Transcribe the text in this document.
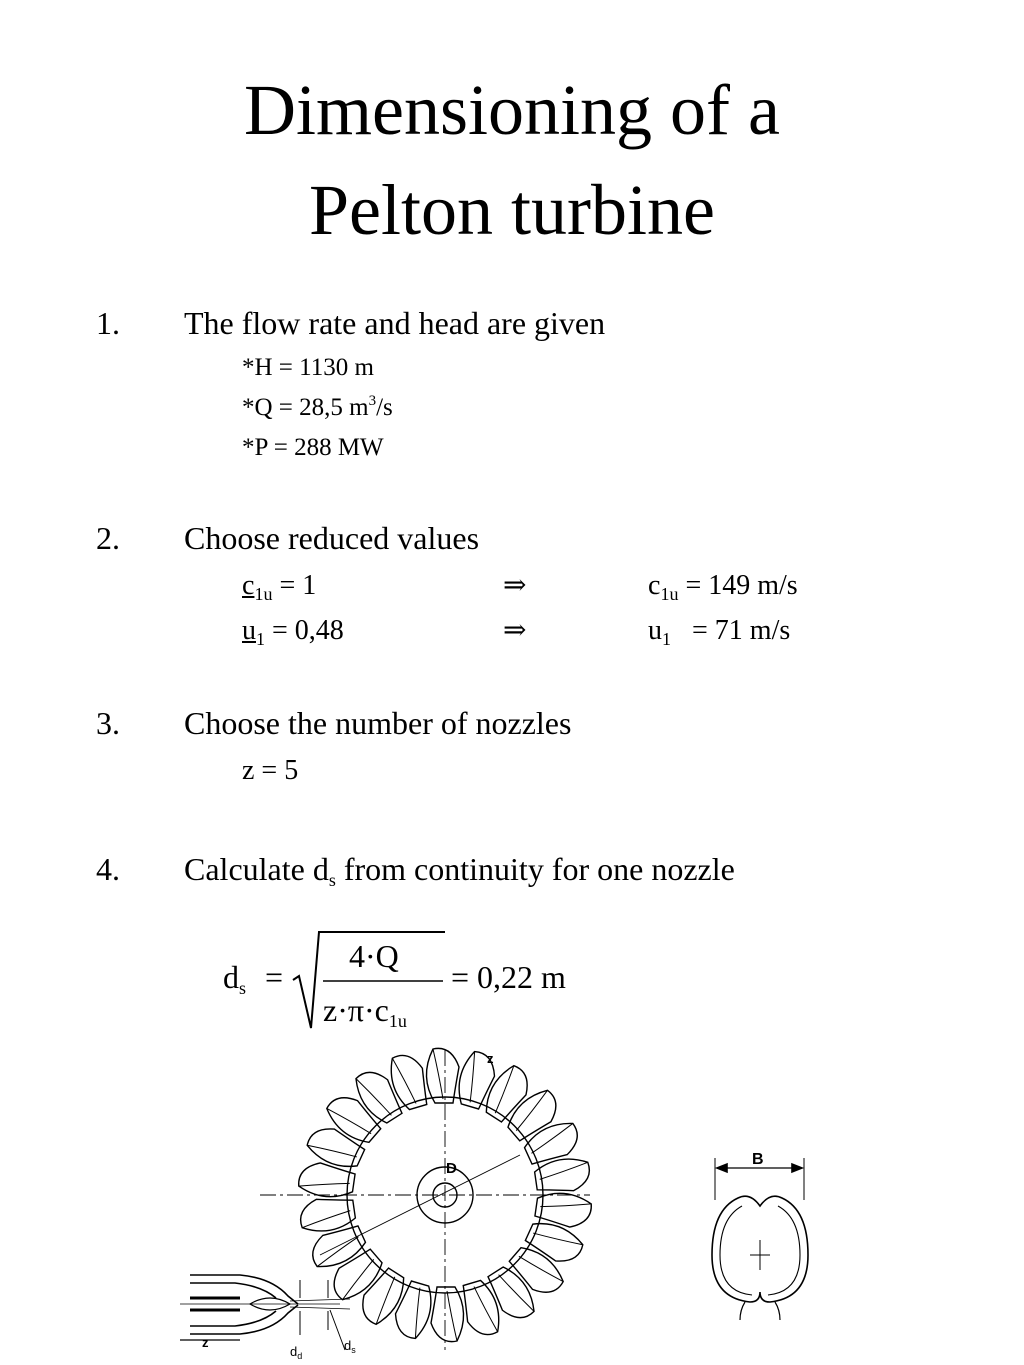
Dimensioning of a
Pelton turbine
1. The flow rate and head are given
*H = 1130 m
*Q = 28,5 $m^3/s$
*P = 288 MW
2. Choose reduced values
$c_{1u} = 1$	⇒	$c_{1u} = 149$ m/s
$u_1 = 0,48$	⇒	$u_1 = 71$ m/s
3. Choose the number of nozzles
z = 5
4. Calculate $d_s$ from continuity for one nozzle
$d_s$ =
4·Q
$z\cdot\pi\cdot c_{1u}$
= 0,22 m
D
z
z
$d_d$
$d_s$
B
